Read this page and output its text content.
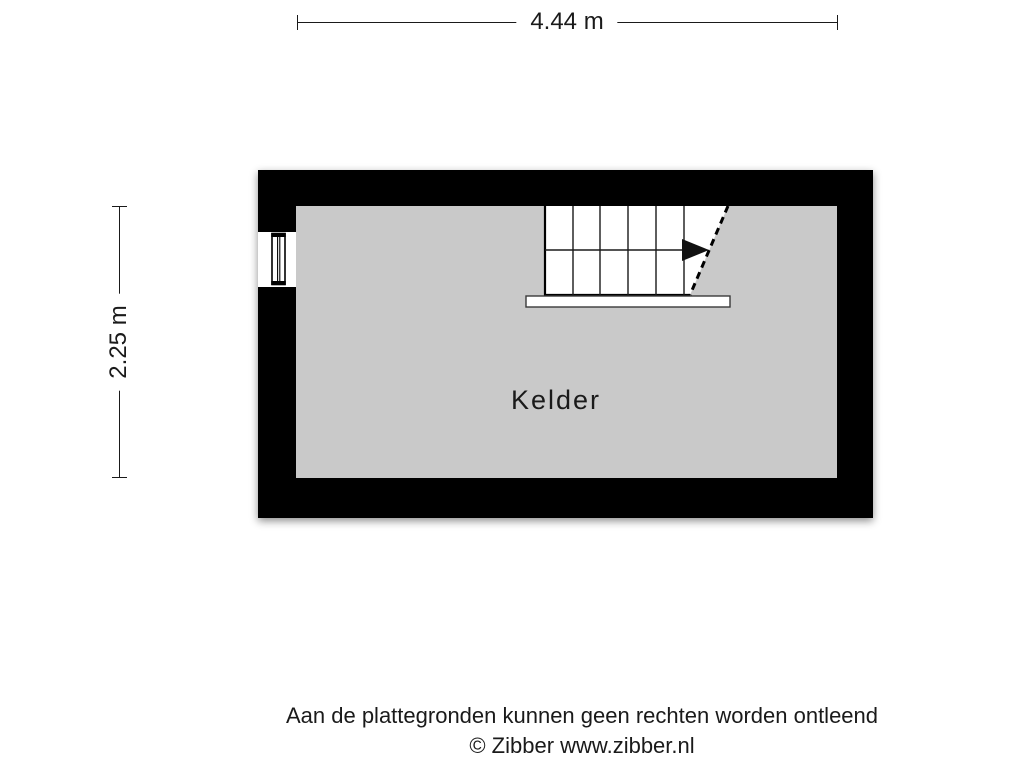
4.44 m
2.25 m
Kelder
Aan de plattegronden kunnen geen rechten worden ontleend
© Zibber www.zibber.nl
